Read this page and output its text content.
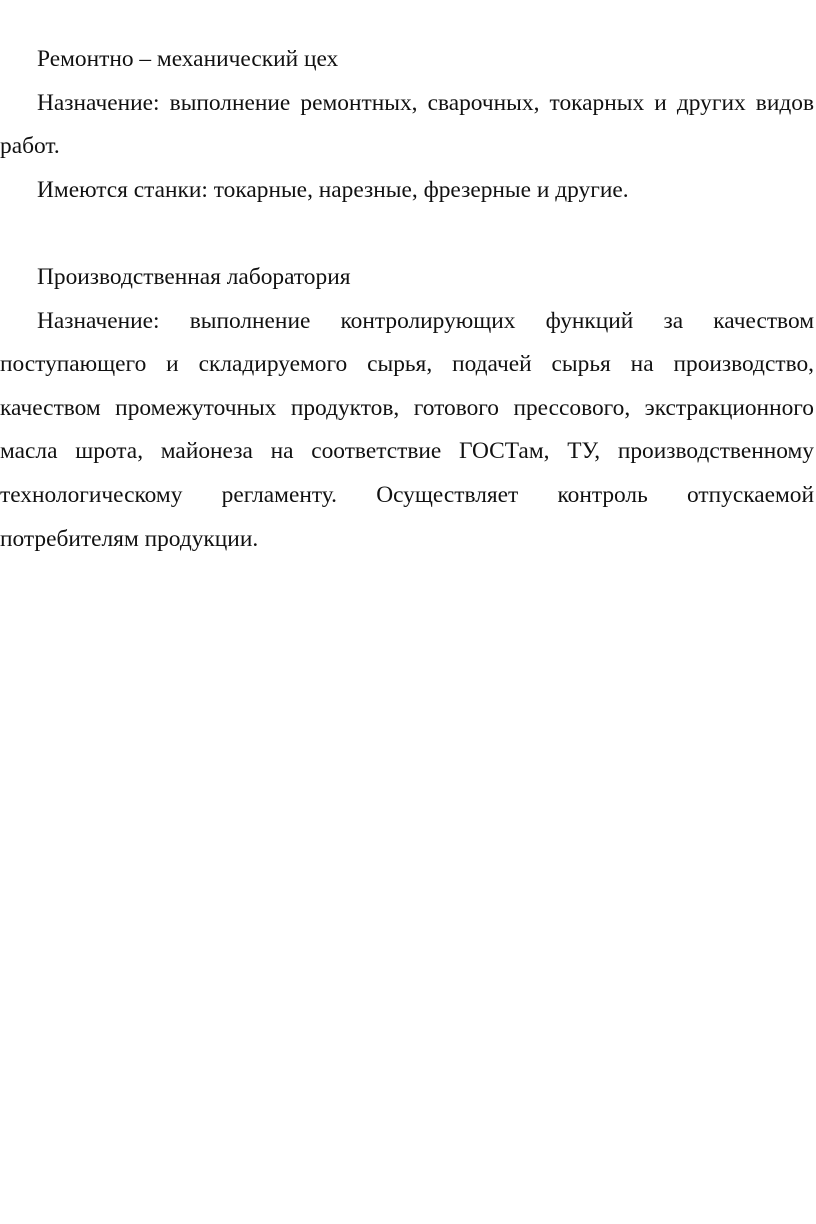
Ремонтно – механический цех

Назначение: выполнение ремонтных, сварочных, токарных и других видов работ.

Имеются станки: токарные, нарезные, фрезерные и другие.

Производственная лаборатория

Назначение: выполнение контролирующих функций за качеством поступающего и складируемого сырья, подачей сырья на производство, качеством промежуточных продуктов, готового прессового, экстракционного масла шрота, майонеза на соответствие ГОСТам, ТУ, производственному технологическому регламенту. Осуществляет контроль отпускаемой потребителям продукции.
